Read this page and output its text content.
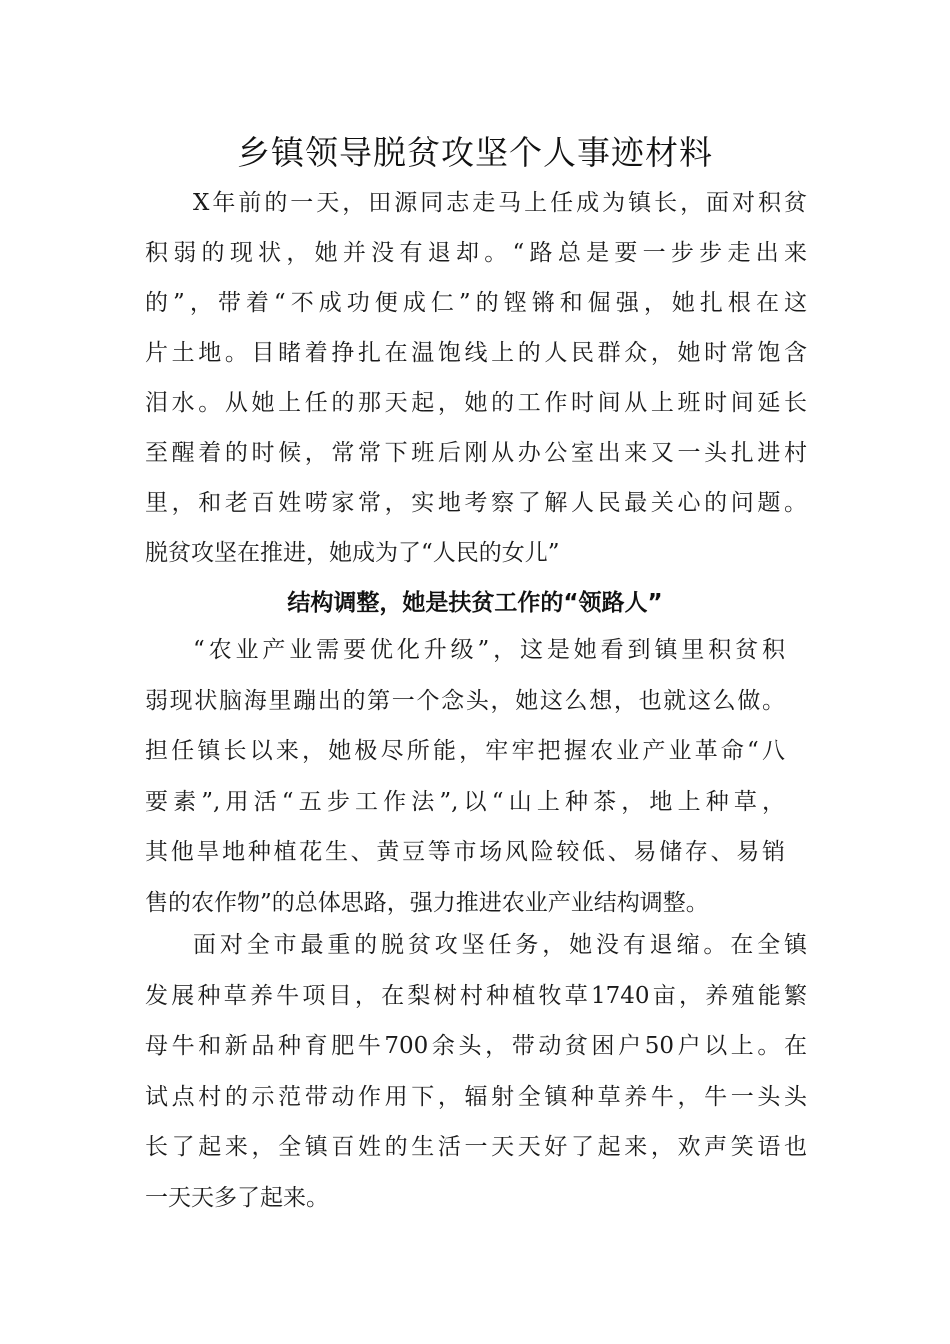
乡镇领导脱贫攻坚个人事迹材料
X年前的一天，田源同志走马上任成为镇长，面对积贫
积弱的现状，她并没有退却。“路总是要一步步走出来
的”，带着“不成功便成仁”的铿锵和倔强，她扎根在这
片土地。目睹着挣扎在温饱线上的人民群众，她时常饱含
泪水。从她上任的那天起，她的工作时间从上班时间延长
至醒着的时候，常常下班后刚从办公室出来又一头扎进村
里，和老百姓唠家常，实地考察了解人民最关心的问题。
脱贫攻坚在推进，她成为了“人民的女儿”
结构调整，她是扶贫工作的“领路人”
“农业产业需要优化升级”，这是她看到镇里积贫积
弱现状脑海里蹦出的第一个念头，她这么想，也就这么做。
担任镇长以来，她极尽所能，牢牢把握农业产业革命“八
要素”,用活“五步工作法”,以“山上种茶，地上种草，
其他旱地种植花生、黄豆等市场风险较低、易储存、易销
售的农作物”的总体思路，强力推进农业产业结构调整。
面对全市最重的脱贫攻坚任务，她没有退缩。在全镇
发展种草养牛项目，在梨树村种植牧草1740亩，养殖能繁
母牛和新品种育肥牛700余头，带动贫困户50户以上。在
试点村的示范带动作用下，辐射全镇种草养牛，牛一头头
长了起来，全镇百姓的生活一天天好了起来，欢声笑语也
一天天多了起来。
